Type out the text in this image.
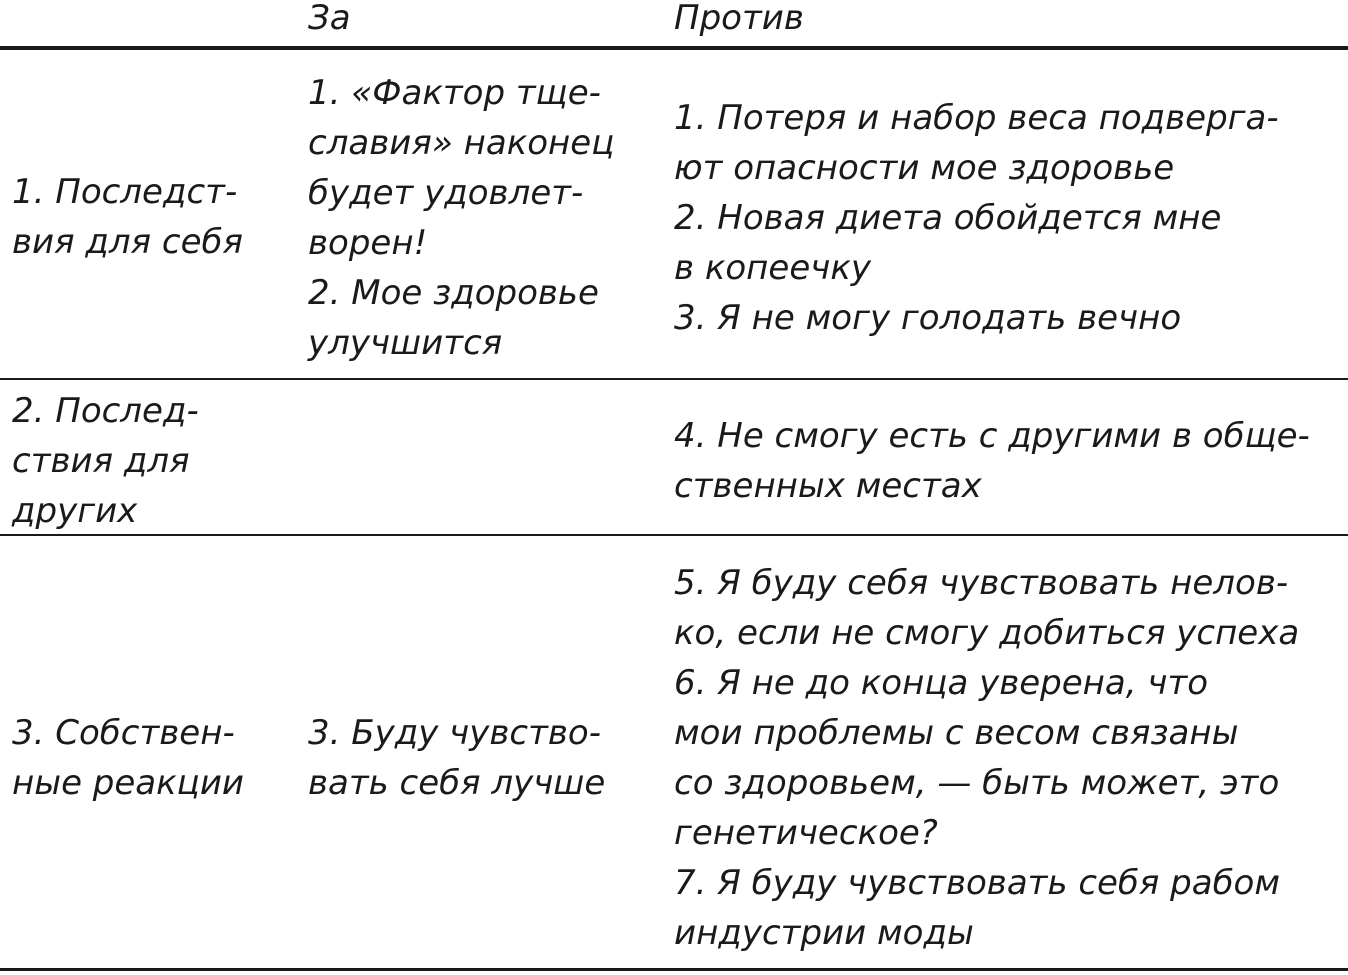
За	Против
1. Последст-
вия для себя
1. «Фактор тще-
славия» наконец
будет удовлет-
ворен!
2. Мое здоровье
улучшится
1. Потеря и набор веса подверга-
ют опасности мое здоровье
2. Новая диета обойдется мне
в копеечку
3. Я не могу голодать вечно
2. Послед-
ствия для
других
4. Не смогу есть с другими в обще-
ственных местах
3. Собствен-
ные реакции
3. Буду чувство-
вать себя лучше
5. Я буду себя чувствовать нелов-
ко, если не смогу добиться успеха
6. Я не до конца уверена, что
мои проблемы с весом связаны
со здоровьем, — быть может, это
генетическое?
7. Я буду чувствовать себя рабом
индустрии моды
